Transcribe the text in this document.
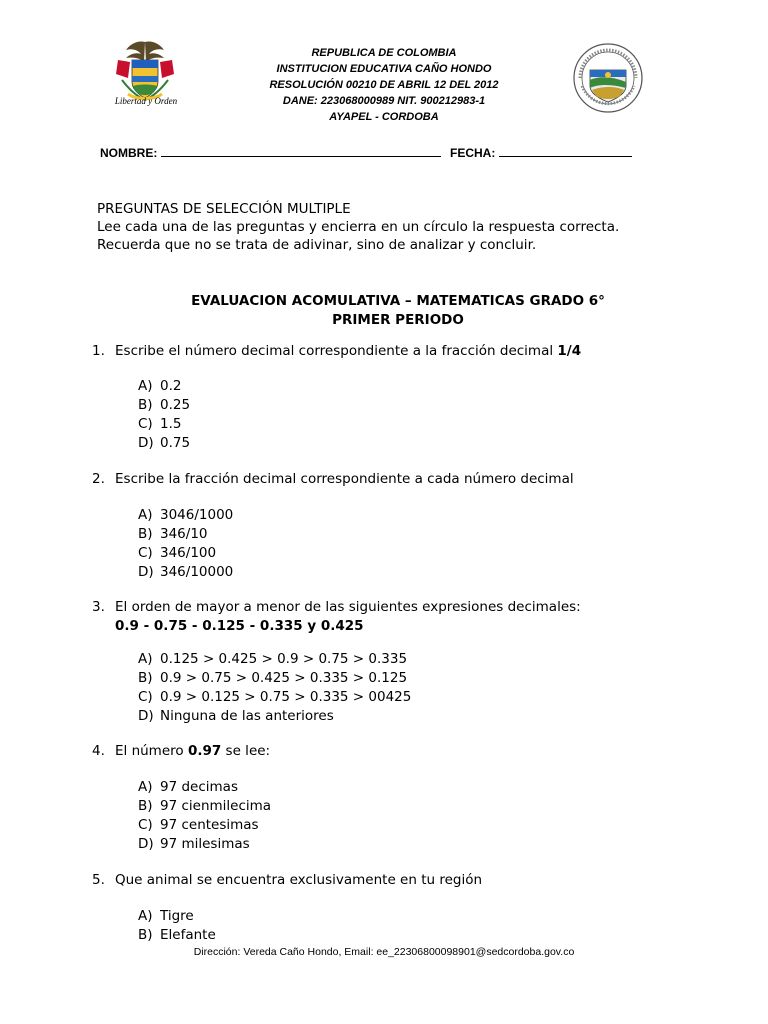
Libertad y Orden
REPUBLICA DE COLOMBIA
INSTITUCION EDUCATIVA CAÑO HONDO
RESOLUCIÓN 00210 DE ABRIL 12 DEL 2012
DANE: 223068000989 NIT. 900212983-1
AYAPEL - CORDOBA
NOMBRE:	FECHA:
PREGUNTAS DE SELECCIÓN MULTIPLE
Lee cada una de las preguntas y encierra en un círculo la respuesta correcta.
Recuerda que no se trata de adivinar, sino de analizar y concluir.
EVALUACION ACOMULATIVA – MATEMATICAS GRADO 6°
PRIMER PERIODO
1. Escribe el número decimal correspondiente a la fracción decimal 1/4
A) 0.2
B) 0.25
C) 1.5
D) 0.75
2. Escribe la fracción decimal correspondiente a cada número decimal
A) 3046/1000
B) 346/10
C) 346/100
D) 346/10000
3. El orden de mayor a menor de las siguientes expresiones decimales:
0.9 - 0.75 - 0.125 - 0.335 y 0.425
A) 0.125 > 0.425 > 0.9 > 0.75 > 0.335
B) 0.9 > 0.75 > 0.425 > 0.335 > 0.125
C) 0.9 > 0.125 > 0.75 > 0.335 > 00425
D) Ninguna de las anteriores
4. El número 0.97 se lee:
A) 97 decimas
B) 97 cienmilecima
C) 97 centesimas
D) 97 milesimas
5. Que animal se encuentra exclusivamente en tu región
A) Tigre
B) Elefante
Dirección: Vereda Caño Hondo, Email: ee_22306800098901@sedcordoba.gov.co
